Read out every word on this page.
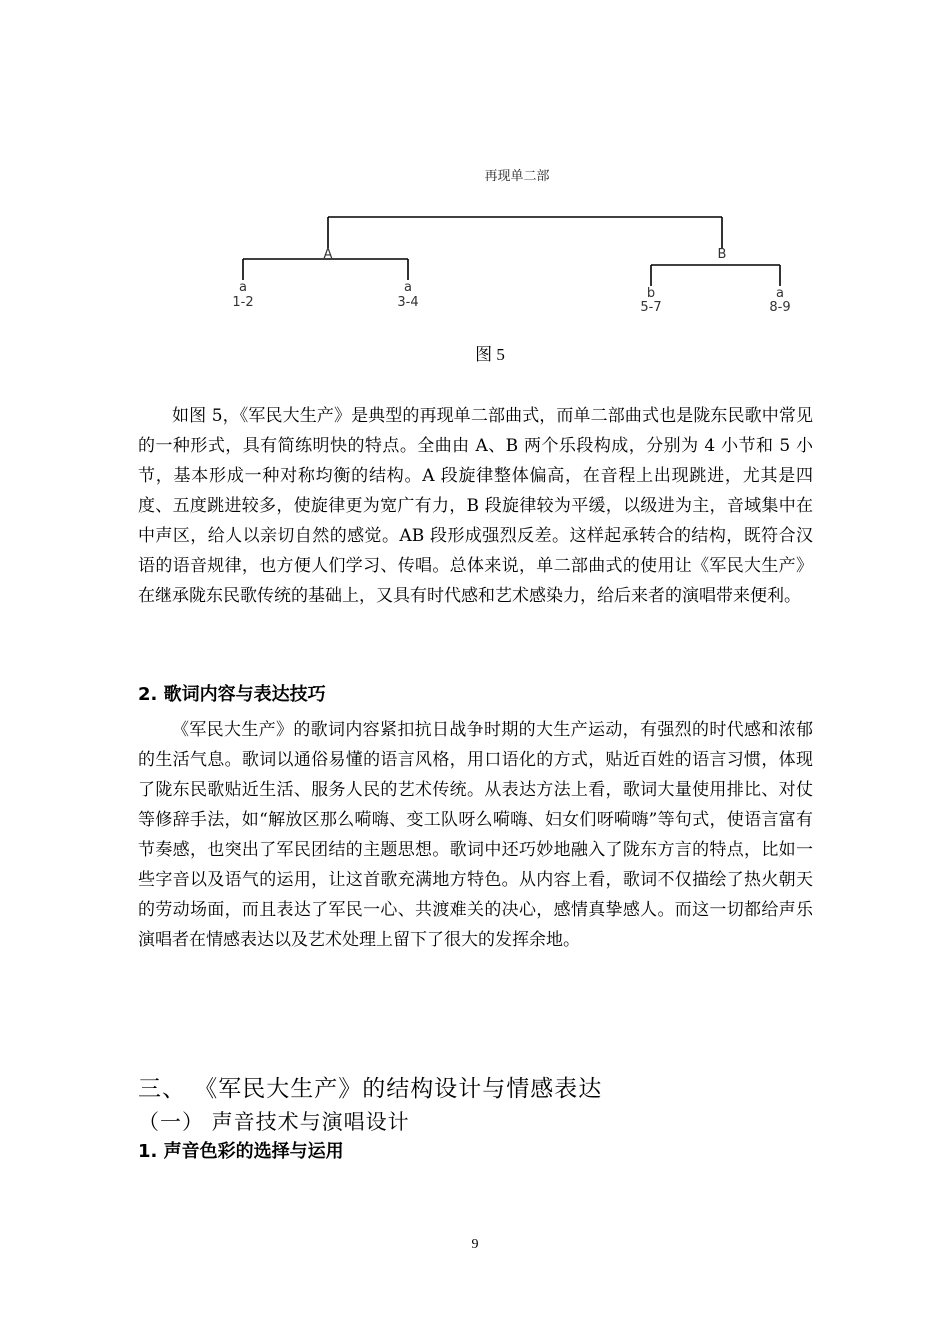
再现单二部
A	B
a
1-2
a
3-4
b
5-7
a
8-9
图 5

如图 5，《军民大生产》是典型的再现单二部曲式，而单二部曲式也是陇东民歌中常见的一种形式，具有简练明快的特点。全曲由 A、B 两个乐段构成，分别为 4 小节和 5 小节，基本形成一种对称均衡的结构。A 段旋律整体偏高，在音程上出现跳进，尤其是四度、五度跳进较多，使旋律更为宽广有力，B 段旋律较为平缓，以级进为主，音域集中在中声区，给人以亲切自然的感觉。AB 段形成强烈反差。这样起承转合的结构，既符合汉语的语音规律，也方便人们学习、传唱。总体来说，单二部曲式的使用让《军民大生产》在继承陇东民歌传统的基础上，又具有时代感和艺术感染力，给后来者的演唱带来便利。

2. 歌词内容与表达技巧

《军民大生产》的歌词内容紧扣抗日战争时期的大生产运动，有强烈的时代感和浓郁的生活气息。歌词以通俗易懂的语言风格，用口语化的方式，贴近百姓的语言习惯，体现了陇东民歌贴近生活、服务人民的艺术传统。从表达方法上看，歌词大量使用排比、对仗等修辞手法，如“解放区那么嗬嗨、变工队呀么嗬嗨、妇女们呀嗬嗨”等句式，使语言富有节奏感，也突出了军民团结的主题思想。歌词中还巧妙地融入了陇东方言的特点，比如一些字音以及语气的运用，让这首歌充满地方特色。从内容上看，歌词不仅描绘了热火朝天的劳动场面，而且表达了军民一心、共渡难关的决心，感情真挚感人。而这一切都给声乐演唱者在情感表达以及艺术处理上留下了很大的发挥余地。

三、 《军民大生产》的结构设计与情感表达
（一） 声音技术与演唱设计
1. 声音色彩的选择与运用
9
